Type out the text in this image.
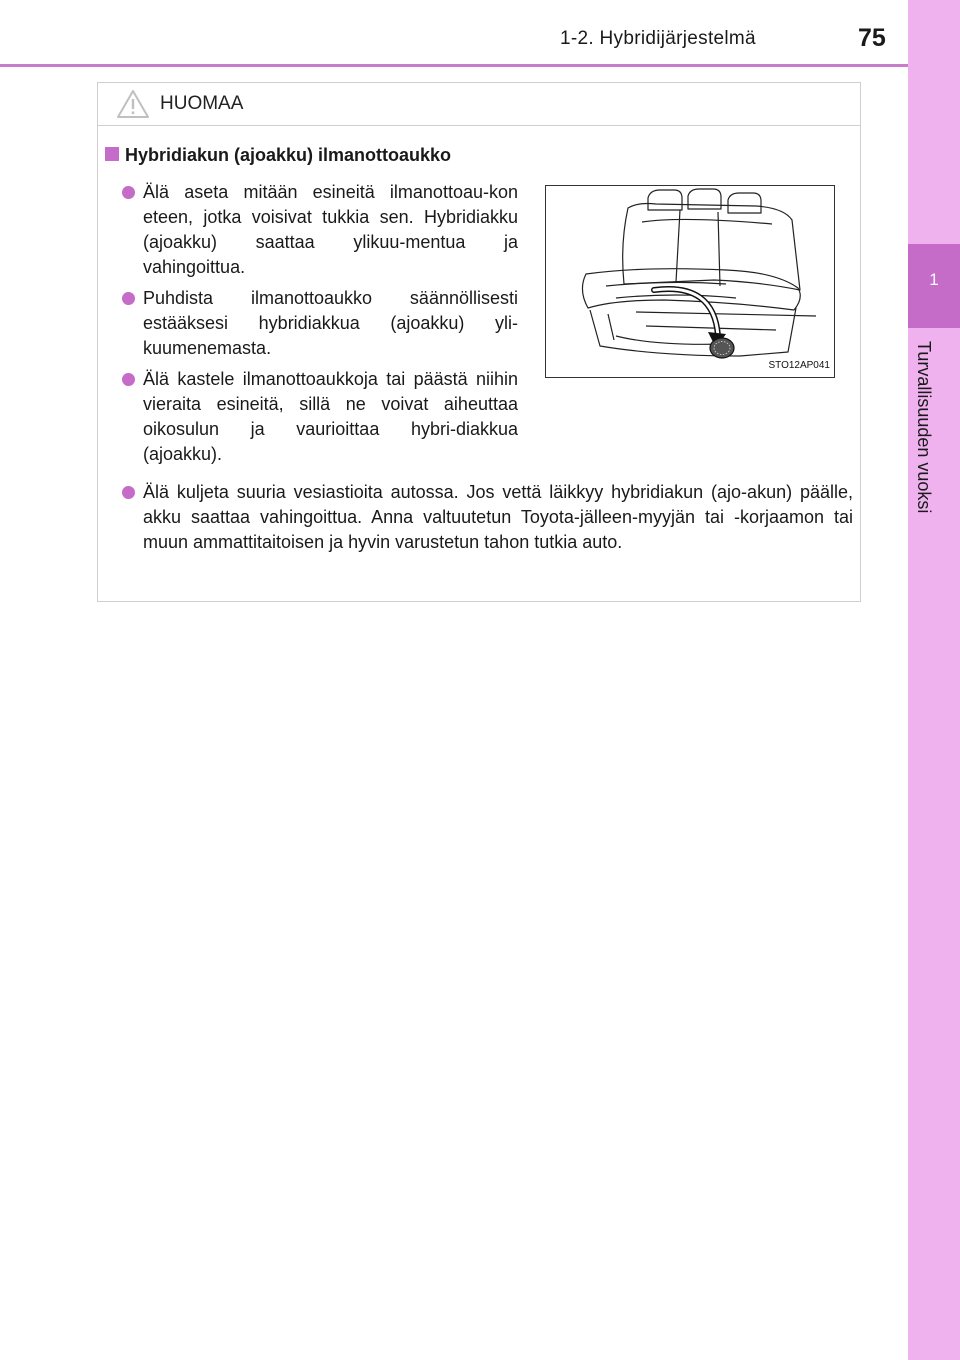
1-2. Hybridijärjestelmä	75
1
Turvallisuuden vuoksi
HUOMAA
Hybridiakun (ajoakku) ilmanottoaukko
Älä aseta mitään esineitä ilmanottoau-kon eteen, jotka voisivat tukkia sen. Hybridiakku (ajoakku) saattaa ylikuu-mentua ja vahingoittua.
Puhdista ilmanottoaukko säännöllisesti estääksesi hybridiakkua (ajoakku) yli-kuumenemasta.
Älä kastele ilmanottoaukkoja tai päästä niihin vieraita esineitä, sillä ne voivat aiheuttaa oikosulun ja vaurioittaa hybri-diakkua (ajoakku).
Älä kuljeta suuria vesiastioita autossa. Jos vettä läikkyy hybridiakun (ajo-akun) päälle, akku saattaa vahingoittua. Anna valtuutetun Toyota-jälleen-myyjän tai -korjaamon tai muun ammattitaitoisen ja hyvin varustetun tahon tutkia auto.
STO12AP041
